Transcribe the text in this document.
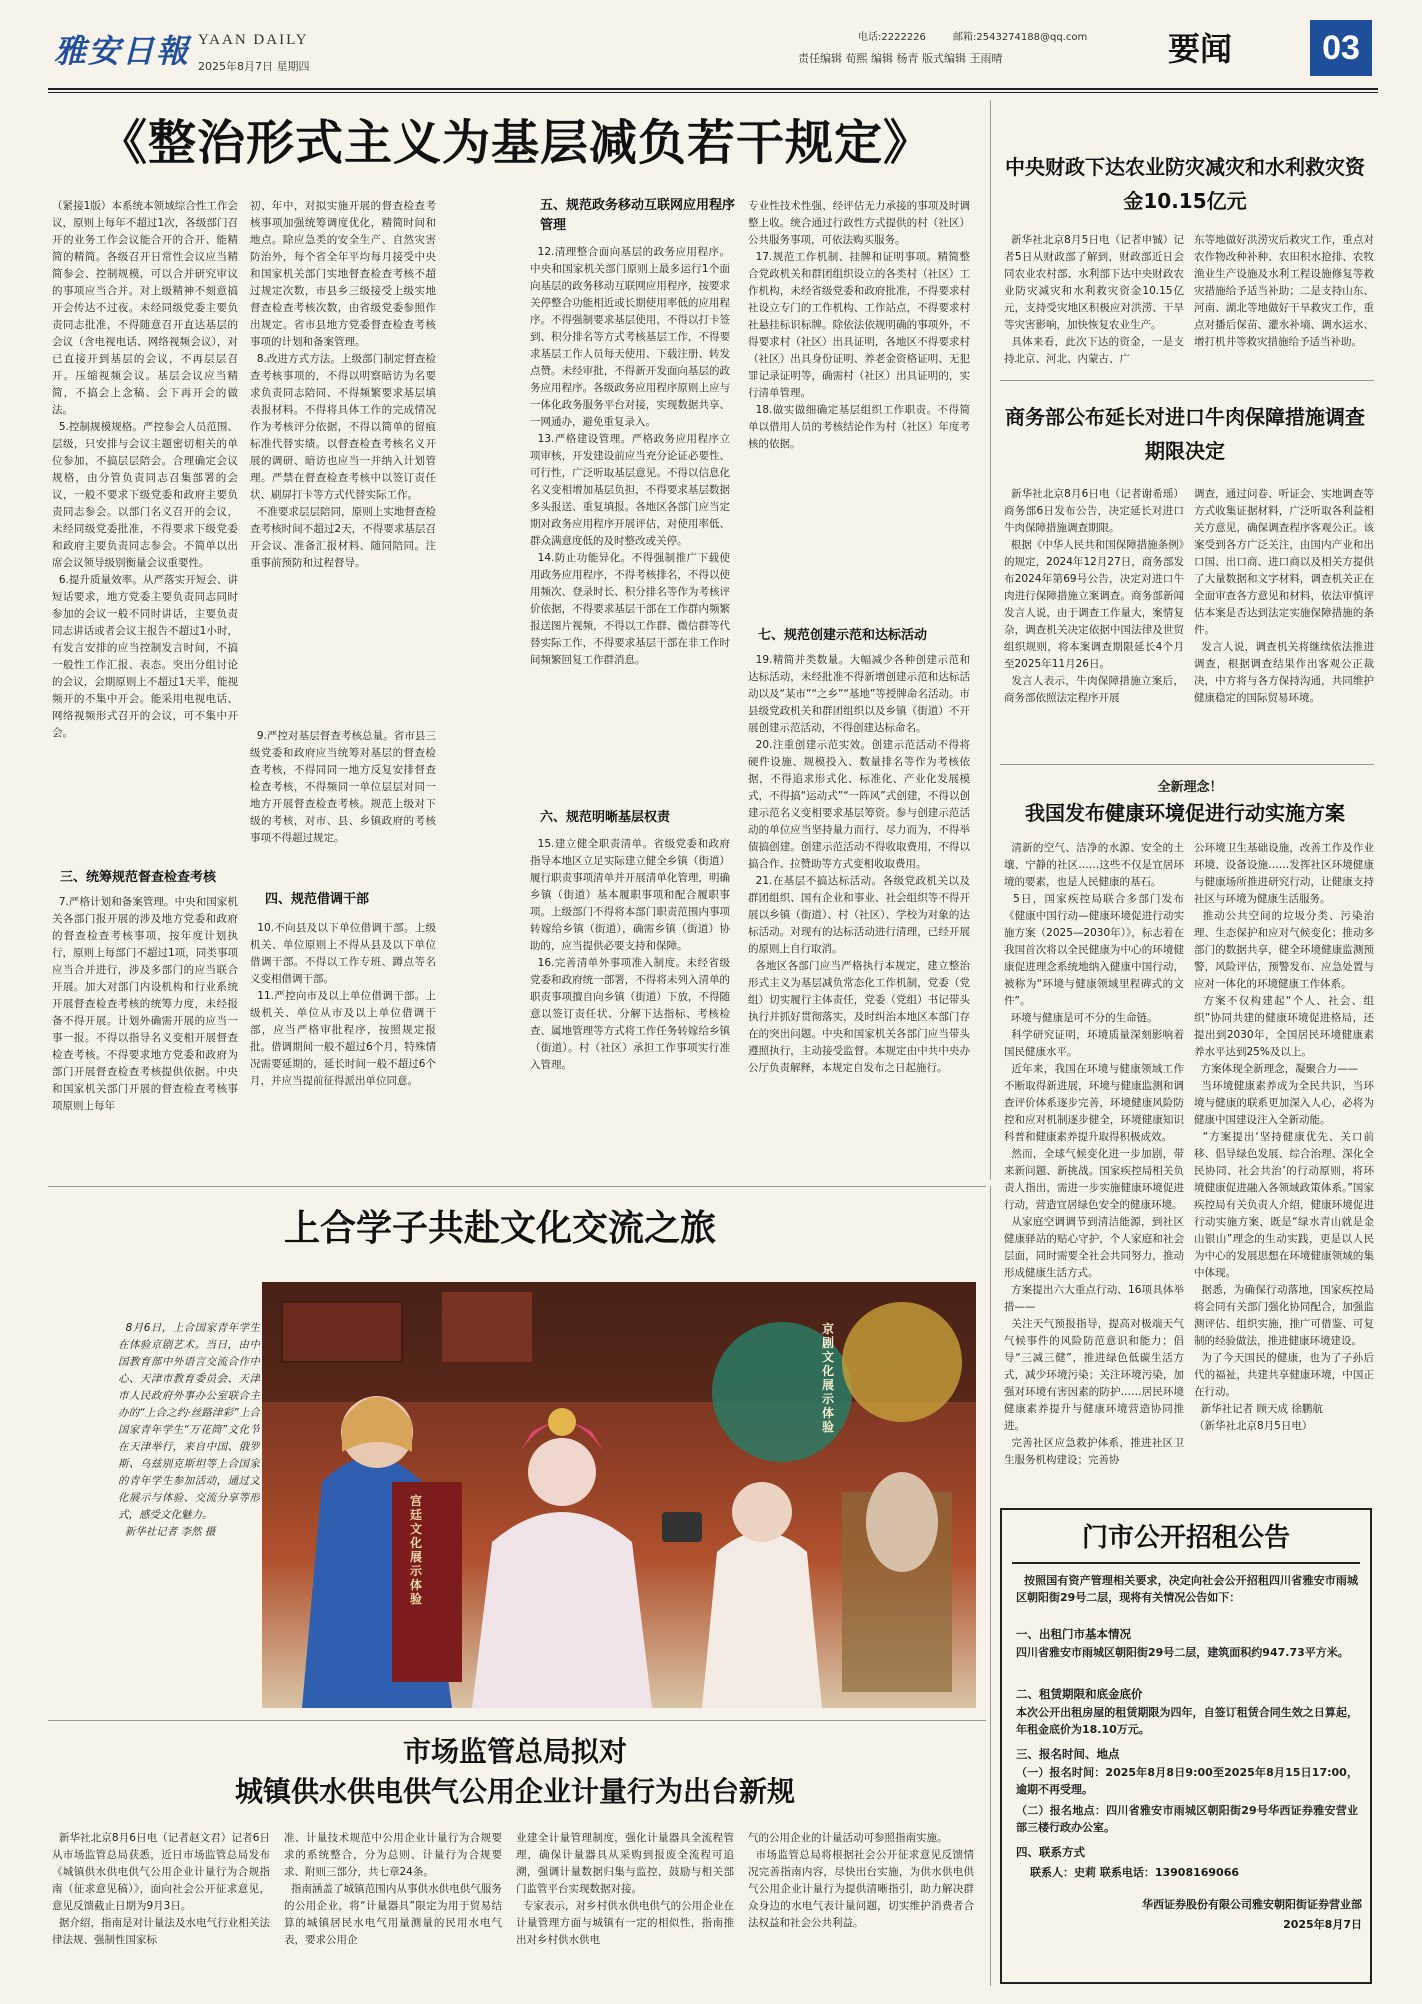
雅安日報 YAAN DAILY
2025年8月7日 星期四
电话:2222226	邮箱:2543274188@qq.com
责任编辑 荀熙 编辑 杨青 版式编辑 王雨晴	要闻	03
《整治形式主义为基层减负若干规定》
（紧接1版）本系统本领域综合性工作会议，原则上每年不超过1次，各级部门召开的业务工作会议能合开的合开、能精简的精简。各级召开日常性会议应当精简参会、控制规模，可以合并研究审议的事项应当合并。对上级精神不刻意搞开会传达不过夜。未经同级党委主要负责同志批准，不得随意召开直达基层的会议（含电视电话、网络视频会议），对已直接开到基层的会议，不再层层召开。压缩视频会议。基层会议应当精简，不搞会上念稿、会下再开会的做法。
5.控制规模规格。严控参会人员范围、层级，只安排与会议主题密切相关的单位参加，不搞层层陪会。合理确定会议规格，由分管负责同志召集部署的会议，一般不要求下级党委和政府主要负责同志参会。以部门名义召开的会议，未经同级党委批准，不得要求下级党委和政府主要负责同志参会。不简单以出席会议领导级别衡量会议重要性。
6.提升质量效率。从严落实开短会、讲短话要求，地方党委主要负责同志同时参加的会议一般不同时讲话，主要负责同志讲话或者会议主报告不超过1小时，有发言安排的应当控制发言时间，不搞一般性工作汇报、表态。突出分组讨论的会议，会期原则上不超过1天半，能视频开的不集中开会。能采用电视电话、网络视频形式召开的会议，可不集中开会。
三、统筹规范督查检查考核
7.严格计划和备案管理。中央和国家机关各部门报开展的涉及地方党委和政府的督查检查考核事项，按年度计划执行，原则上每部门不超过1项，同类事项应当合并进行，涉及多部门的应当联合开展。加大对部门内设机构和行业系统开展督查检查考核的统筹力度，未经报备不得开展。计划外确需开展的应当一事一报。不得以指导名义变相开展督查检查考核。不得要求地方党委和政府为部门开展督查检查考核提供依据。中央和国家机关部门开展的督查检查考核事项原则上每年
初、年中，对拟实施开展的督查检查考核事项加强统筹调度优化，精简时间和地点。除应急类的安全生产、自然灾害防治外，每个省全年平均每月接受中央和国家机关部门实地督查检查考核不超过规定次数，市县乡三级接受上级实地督查检查考核次数，由省级党委参照作出规定。省市县地方党委督查检查考核事项的计划和备案管理。
8.改进方式方法。上级部门制定督查检查考核事项的，不得以明察暗访为名要求负责同志陪同、不得频繁要求基层填表报材料。不得将具体工作的完成情况作为考核评分依据，不得以简单的留痕标准代替实绩。以督查检查考核名义开展的调研、暗访也应当一并纳入计划管理。严禁在督查检查考核中以签订责任状、刷屏打卡等方式代替实际工作。
不准要求层层陪同，原则上实地督查检查考核时间不超过2天，不得要求基层召开会议、准备汇报材料、随同陪同。注重事前预防和过程督导。
9.严控对基层督查考核总量。省市县三级党委和政府应当统筹对基层的督查检查考核，不得同同一地方反复安排督查检查考核，不得频同一单位层层对同一地方开展督查检查考核。规范上级对下级的考核，对市、县、乡镇政府的考核事项不得超过规定。
四、规范借调干部
10.不向县及以下单位借调干部。上级机关、单位原则上不得从县及以下单位借调干部。不得以工作专班、蹲点等名义变相借调干部。
11.严控向市及以上单位借调干部。上级机关、单位从市及以上单位借调干部，应当严格审批程序，按照规定报批。借调期间一般不超过6个月，特殊情况需要延期的，延长时间一般不超过6个月，并应当提前征得派出单位同意。
五、规范政务移动互联网应用程序管理
12.清理整合面向基层的政务应用程序。中央和国家机关部门原则上最多运行1个面向基层的政务移动互联网应用程序，按要求关停整合功能相近或长期使用率低的应用程序。不得强制要求基层使用，不得以打卡签到、积分排名等方式考核基层工作，不得要求基层工作人员每天使用、下载注册、转发点赞。未经审批，不得新开发面向基层的政务应用程序。各级政务应用程序原则上应与一体化政务服务平台对接，实现数据共享、一网通办，避免重复录入。
13.严格建设管理。严格政务应用程序立项审核，开发建设前应当充分论证必要性、可行性，广泛听取基层意见。不得以信息化名义变相增加基层负担，不得要求基层数据多头报送、重复填报。各地区各部门应当定期对政务应用程序开展评估，对使用率低、群众满意度低的及时整改或关停。
14.防止功能异化。不得强制推广下载使用政务应用程序，不得考核排名，不得以使用频次、登录时长、积分排名等作为考核评价依据，不得要求基层干部在工作群内频繁报送图片视频，不得以工作群、微信群等代替实际工作，不得要求基层干部在非工作时间频繁回复工作群消息。
六、规范明晰基层权责
15.建立健全职责清单。省级党委和政府指导本地区立足实际建立健全乡镇（街道）履行职责事项清单并开展清单化管理，明确乡镇（街道）基本履职事项和配合履职事项。上级部门不得将本部门职责范围内事项转嫁给乡镇（街道），确需乡镇（街道）协助的，应当提供必要支持和保障。
16.完善清单外事项准入制度。未经省级党委和政府统一部署，不得将未列入清单的职责事项擅自向乡镇（街道）下放，不得随意以签订责任状、分解下达指标、考核检查、属地管理等方式将工作任务转嫁给乡镇（街道）。村（社区）承担工作事项实行准入管理。
专业性技术性强、经评估无力承接的事项及时调整上收。统合通过行政性方式提供的村（社区）公共服务事项，可依法购买服务。
17.规范工作机制、挂牌和证明事项。精简整合党政机关和群团组织设立的各类村（社区）工作机构，未经省级党委和政府批准，不得要求村社设立专门的工作机构、工作站点，不得要求村社悬挂标识标牌。除依法依规明确的事项外，不得要求村（社区）出具证明，各地区不得要求村（社区）出具身份证明、养老金资格证明、无犯罪记录证明等，确需村（社区）出具证明的，实行清单管理。
18.做实做细确定基层组织工作职责。不得简单以借用人员的考核结论作为村（社区）年度考核的依据。
七、规范创建示范和达标活动
19.精简并类数量。大幅减少各种创建示范和达标活动，未经批准不得新增创建示范和达标活动以及“某市”“之乡”“基地”等授牌命名活动。市县级党政机关和群团组织以及乡镇（街道）不开展创建示范活动，不得创建达标命名。
20.注重创建示范实效。创建示范活动不得将硬件设施、规模投入、数量排名等作为考核依据，不得追求形式化、标准化、产业化发展模式，不得搞“运动式”“一阵风”式创建，不得以创建示范名义变相要求基层筹资。参与创建示范活动的单位应当坚持量力而行、尽力而为，不得举债搞创建。创建示范活动不得收取费用，不得以搞合作、拉赞助等方式变相收取费用。
21.在基层不搞达标活动。各级党政机关以及群团组织、国有企业和事业、社会组织等不得开展以乡镇（街道）、村（社区）、学校为对象的达标活动。对现有的达标活动进行清理，已经开展的原则上自行取消。
各地区各部门应当严格执行本规定，建立整治形式主义为基层减负常态化工作机制，党委（党组）切实履行主体责任，党委（党组）书记带头执行并抓好贯彻落实，及时纠治本地区本部门存在的突出问题。中央和国家机关各部门应当带头遵照执行，主动接受监督。本规定由中共中央办公厅负责解释，本规定自发布之日起施行。
中央财政下达农业防灾减灾和水利救灾资金10.15亿元
新华社北京8月5日电（记者申铖）记者5日从财政部了解到，财政部近日会同农业农村部、水利部下达中央财政农业防灾减灾和水利救灾资金10.15亿元，支持受灾地区积极应对洪涝、干旱等灾害影响，加快恢复农业生产。
具体来看，此次下达的资金，一是支持北京、河北、内蒙古、广
东等地做好洪涝灾后救灾工作，重点对农作物改种补种、农田积水抢排、农牧渔业生产设施及水利工程设施修复等救灾措施给予适当补助；二是支持山东、河南、湖北等地做好干旱救灾工作，重点对播后保苗、灌水补墒、调水运水、增打机井等救灾措施给予适当补助。
商务部公布延长对进口牛肉保障措施调查期限决定
新华社北京8月6日电（记者谢希瑶）商务部6日发布公告，决定延长对进口牛肉保障措施调查期限。
根据《中华人民共和国保障措施条例》的规定，2024年12月27日，商务部发布2024年第69号公告，决定对进口牛肉进行保障措施立案调查。商务部新闻发言人说，由于调查工作量大，案情复杂，调查机关决定依据中国法律及世贸组织规则，将本案调查期限延长4个月至2025年11月26日。
发言人表示，牛肉保障措施立案后，商务部依照法定程序开展
调查，通过问卷、听证会、实地调查等方式收集证据材料，广泛听取各利益相关方意见，确保调查程序客观公正。该案受到各方广泛关注，由国内产业和出口国、出口商、进口商以及相关方提供了大量数据和文字材料，调查机关正在全面审查各方意见和材料，依法审慎评估本案是否达到法定实施保障措施的条件。
发言人说，调查机关将继续依法推进调查，根据调查结果作出客观公正裁决，中方将与各方保持沟通，共同维护健康稳定的国际贸易环境。
全新理念！
我国发布健康环境促进行动实施方案
清新的空气、洁净的水源、安全的土壤、宁静的社区……这些不仅是宜居环境的要素，也是人民健康的基石。
5日，国家疾控局联合多部门发布《健康中国行动—健康环境促进行动实施方案（2025—2030年）》，标志着在我国首次将以全民健康为中心的环境健康促进理念系统地纳入健康中国行动，被称为“环境与健康领域里程碑式的文件”。
环境与健康是可不分的生命链。
科学研究证明，环境质量深刻影响着国民健康水平。
近年来，我国在环境与健康领域工作不断取得新进展，环境与健康监测和调查评价体系逐步完善，环境健康风险防控和应对机制逐步健全，环境健康知识科普和健康素养提升取得积极成效。
然而，全球气候变化进一步加剧，带来新问题、新挑战。国家疾控局相关负责人指出，需进一步实施健康环境促进行动，营造宜居绿色安全的健康环境。
从家庭空调调节到清洁能源，到社区健康驿站的贴心守护，个人家庭和社会层面，同时需要全社会共同努力，推动形成健康生活方式。
方案提出六大重点行动、16项具体举措——
关注天气预报指导，提高对极端天气气候事件的风险防范意识和能力；倡导“三减三健”，推进绿色低碳生活方式，减少环境污染；关注环境污染，加强对环境有害因素的防护……居民环境健康素养提升与健康环境营造协同推进。
完善社区应急救护体系，推进社区卫生服务机构建设；完善协
公环境卫生基础设施，改善工作及作业环境、设备设施……发挥社区环境健康与健康场所推进研究行动，让健康支持社区与环境为健康生活服务。
推动公共空间的垃圾分类、污染治理、生态保护和应对气候变化；推动多部门的数据共享，健全环境健康监测预警，风险评估，预警发布、应急处置与应对一体化的环境健康工作体系。
方案不仅构建起“个人、社会、组织”协同共建的健康环境促进格局，还提出到2030年，全国居民环境健康素养水平达到25%及以上。
方案体现全新理念，凝聚合力——
当环境健康素养成为全民共识，当环境与健康的联系更加深入人心，必将为健康中国建设注入全新动能。
“方案提出‘坚持健康优先、关口前移、倡导绿色发展、综合治理、深化全民协同、社会共治’的行动原则，将环境健康促进融入各领域政策体系。”国家疾控局有关负责人介绍，健康环境促进行动实施方案，既是“绿水青山就是金山银山”理念的生动实践，更是以人民为中心的发展思想在环境健康领域的集中体现。
据悉，为确保行动落地，国家疾控局将会同有关部门强化协同配合，加强监测评估、组织实施，推广可借鉴、可复制的经验做法，推进健康环境建设。
为了今天国民的健康，也为了子孙后代的福祉，共建共享健康环境，中国正在行动。
新华社记者 顾天成 徐鹏航
（新华社北京8月5日电）
上合学子共赴文化交流之旅
8月6日，上合国家青年学生在体验京剧艺术。当日，由中国教育部中外语言交流合作中心、天津市教育委员会、天津市人民政府外事办公室联合主办的“上合之约·丝路津彩”上合国家青年学生“万花筒”文化节在天津举行，来自中国、俄罗斯、乌兹别克斯坦等上合国家的青年学生参加活动，通过文化展示与体验、交流分享等形式，感受文化魅力。
新华社记者 李然 摄
宫廷文化展示体验
京剧文化展示体验
市场监管总局拟对
城镇供水供电供气公用企业计量行为出台新规
新华社北京8月6日电（记者赵文君）记者6日从市场监管总局获悉，近日市场监管总局发布《城镇供水供电供气公用企业计量行为合规指南（征求意见稿）》，面向社会公开征求意见，意见反馈截止日期为9月3日。
据介绍，指南是对计量法及水电气行业相关法律法规、强制性国家标
准、计量技术规范中公用企业计量行为合规要求的系统整合，分为总则、计量行为合规要求、附则三部分，共七章24条。
指南涵盖了城镇范围内从事供水供电供气服务的公用企业，将“计量器具”限定为用于贸易结算的城镇居民水电气用量测量的民用水电气表，要求公用企
业建全计量管理制度，强化计量器具全流程管理，确保计量器具从采购到报废全流程可追溯，强调计量数据归集与监控，鼓励与相关部门监管平台实现数据对接。
专家表示，对乡村供水供电供气的公用企业在计量管理方面与城镇有一定的相似性，指南推出对乡村供水供电
气的公用企业的计量活动可参照指南实施。
市场监管总局将根据社会公开征求意见反馈情况完善指南内容，尽快出台实施，为供水供电供气公用企业计量行为提供清晰指引，助力解决群众身边的水电气表计量问题，切实维护消费者合法权益和社会公共利益。
门市公开招租公告
按照国有资产管理相关要求，决定向社会公开招租四川省雅安市雨城区朝阳街29号二层，现将有关情况公告如下：
一、出租门市基本情况
四川省雅安市雨城区朝阳街29号二层，建筑面积约947.73平方米。
二、租赁期限和底金底价
本次公开出租房屋的租赁期限为四年，自签订租赁合同生效之日算起，年租金底价为18.10万元。
三、报名时间、地点
（一）报名时间：2025年8月8日9:00至2025年8月15日17:00，逾期不再受理。
（二）报名地点：四川省雅安市雨城区朝阳街29号华西证券雅安营业部三楼行政办公室。
四、联系方式
联系人：史莉 联系电话：13908169066
华西证券股份有限公司雅安朝阳街证券营业部
2025年8月7日
